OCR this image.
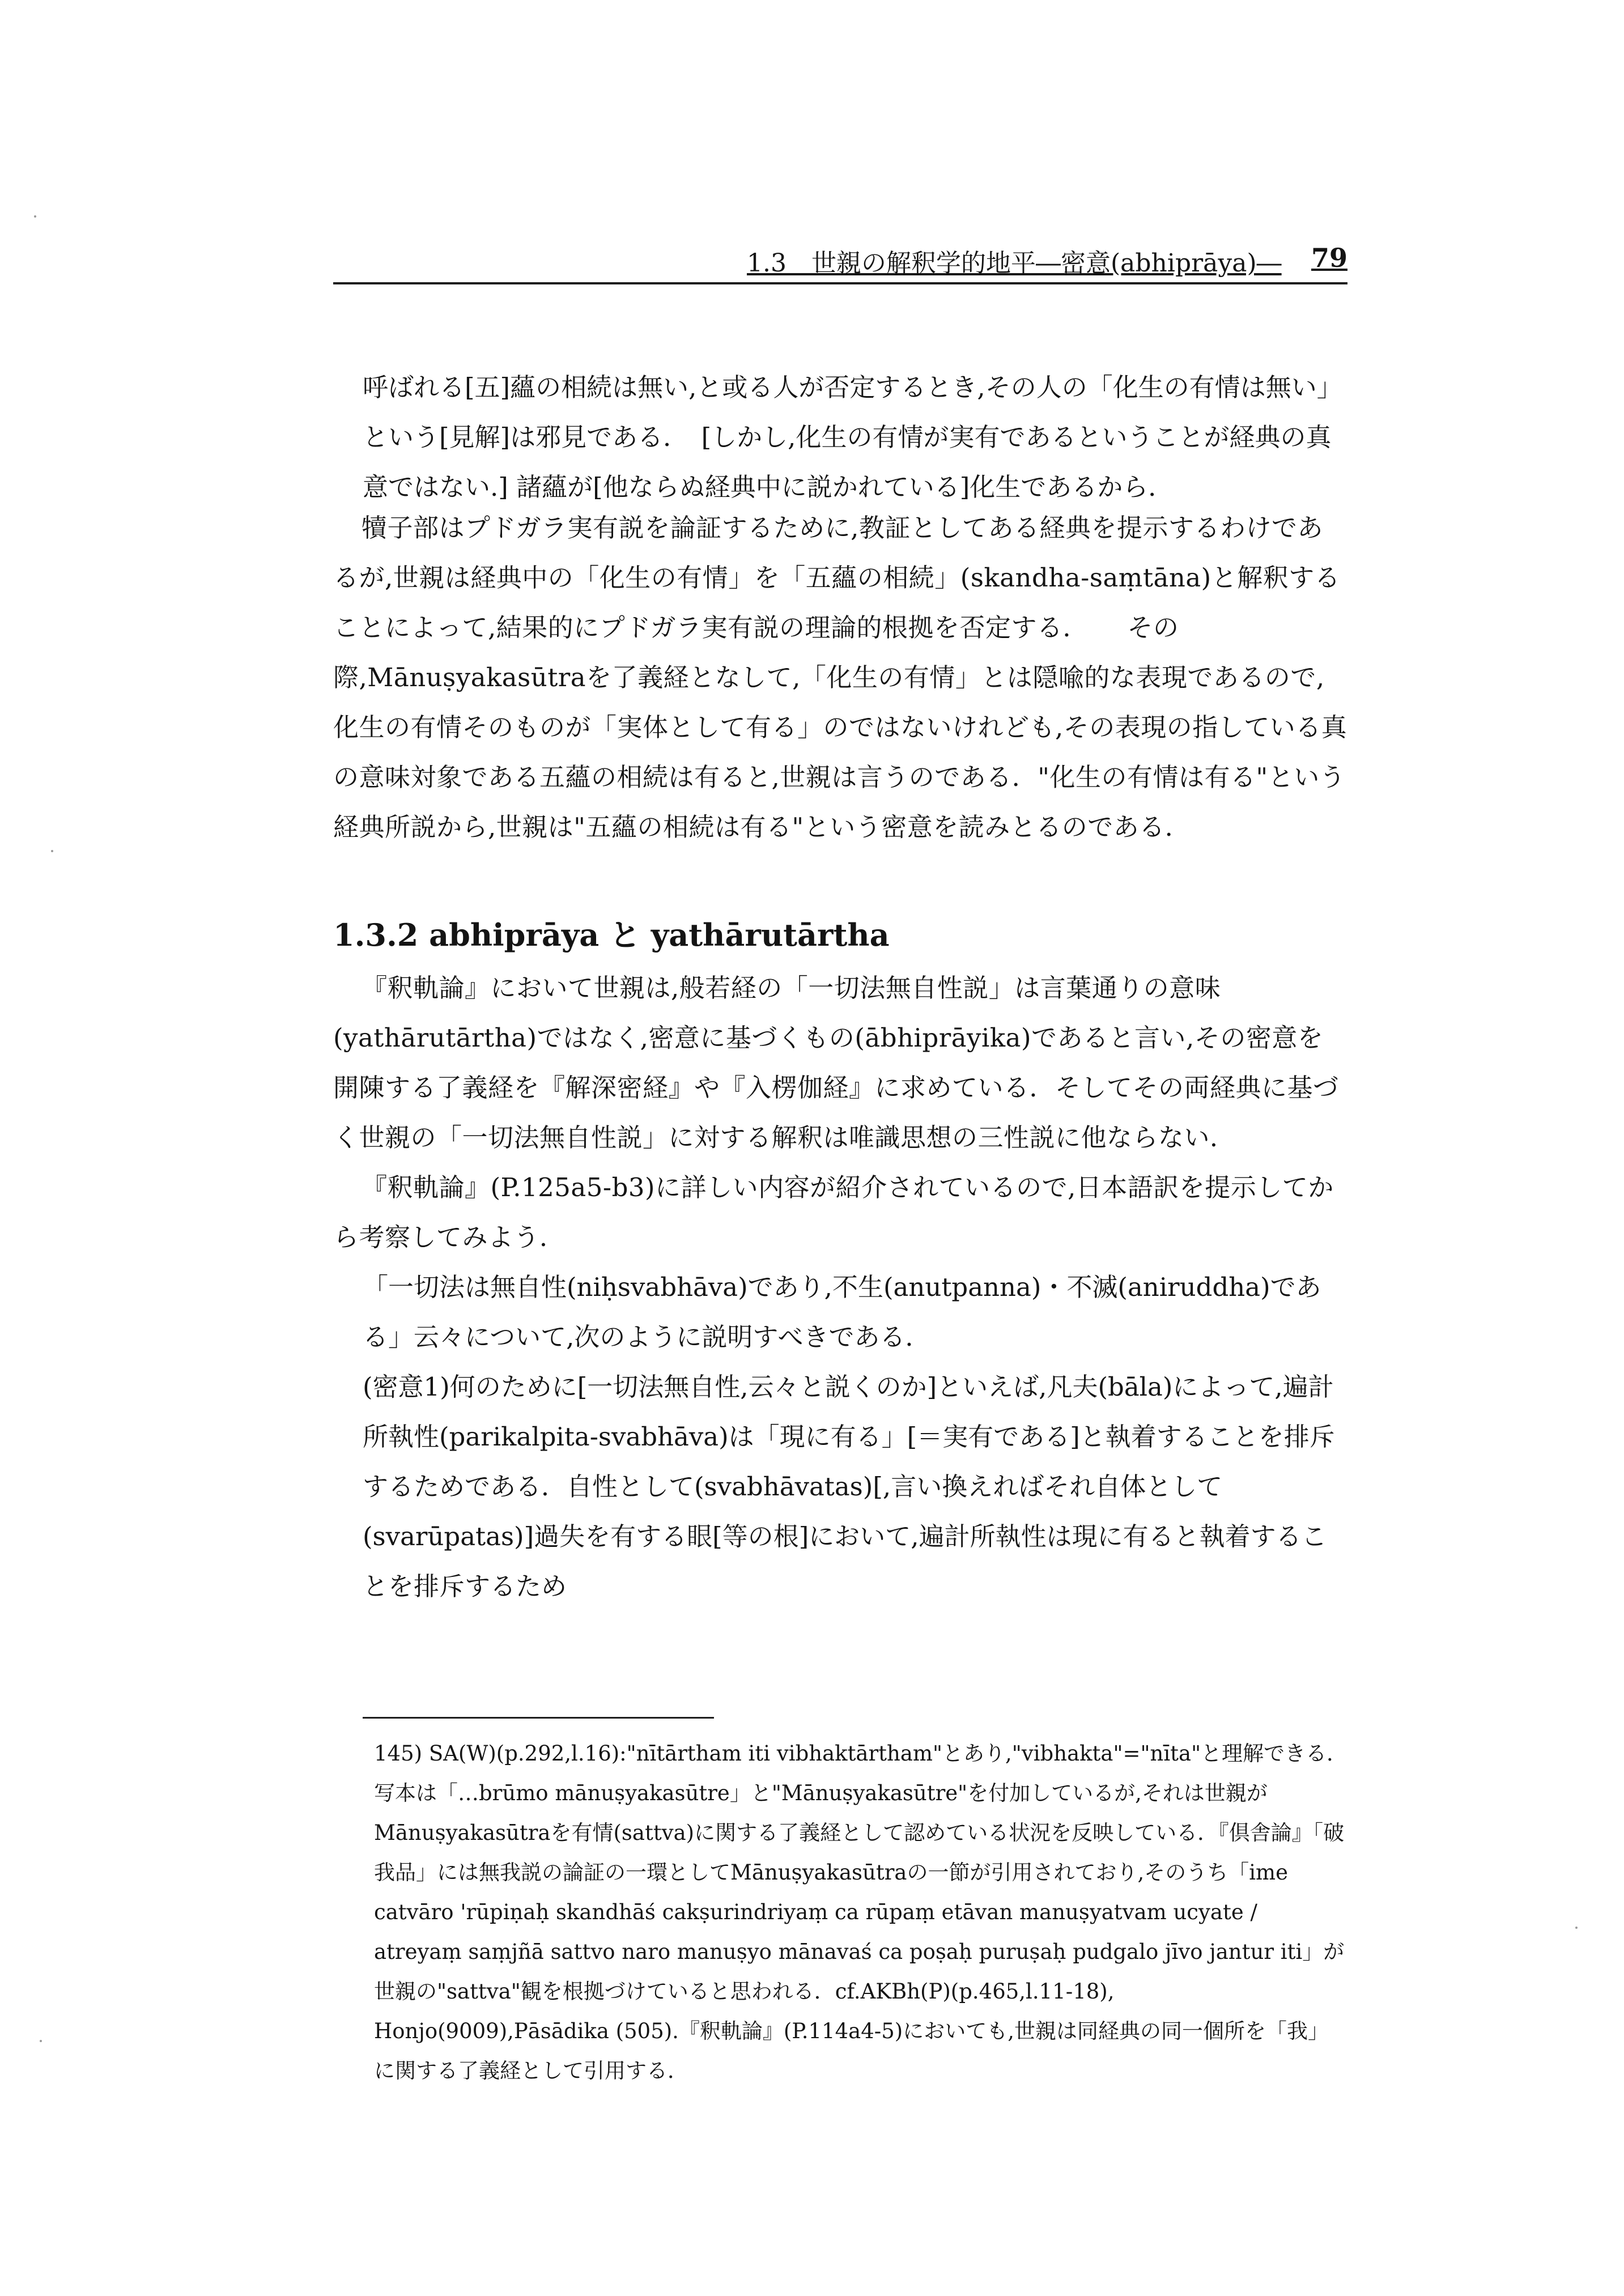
1.3　世親の解釈学的地平―密意(abhiprāya)― 79

呼ばれる[五]蘊の相続は無い,と或る人が否定するとき,その人の「化生の有情は無い」という[見解]は邪見である．　[しかし,化生の有情が実有であるということが経典の真意ではない.] 諸蘊が[他ならぬ経典中に説かれている]化生であるから．

犢子部はプドガラ実有説を論証するために,教証としてある経典を提示するわけであるが,世親は経典中の「化生の有情」を「五蘊の相続」(skandha-saṃtāna)と解釈することによって,結果的にプドガラ実有説の理論的根拠を否定する．　　その際,Mānuṣyakasūtraを了義経となして,「化生の有情」とは隠喩的な表現であるので,化生の有情そのものが「実体として有る」のではないけれども,その表現の指している真の意味対象である五蘊の相続は有ると,世親は言うのである．"化生の有情は有る"という経典所説から,世親は"五蘊の相続は有る"という密意を読みとるのである．

1.3.2 abhiprāya と yathārutārtha

『釈軌論』において世親は,般若経の「一切法無自性説」は言葉通りの意味(yathārutārtha)ではなく,密意に基づくもの(ābhiprāyika)であると言い,その密意を開陳する了義経を『解深密経』や『入楞伽経』に求めている．そしてその両経典に基づく世親の「一切法無自性説」に対する解釈は唯識思想の三性説に他ならない．

『釈軌論』(P.125a5-b3)に詳しい内容が紹介されているので,日本語訳を提示してから考察してみよう．

「一切法は無自性(niḥsvabhāva)であり,不生(anutpanna)・不滅(aniruddha)である」云々について,次のように説明すべきである．

(密意1)何のために[一切法無自性,云々と説くのか]といえば,凡夫(bāla)によって,遍計所執性(parikalpita-svabhāva)は「現に有る」[＝実有である]と執着することを排斥するためである．自性として(svabhāvatas)[,言い換えればそれ自体として(svarūpatas)]過失を有する眼[等の根]において,遍計所執性は現に有ると執着することを排斥するため

145) SA(W)(p.292,l.16):"nītārtham iti vibhaktārtham"とあり,"vibhakta"="nīta"と理解できる．写本は「…brūmo mānuṣyakasūtre」と"Mānuṣyakasūtre"を付加しているが,それは世親がMānuṣyakasūtraを有情(sattva)に関する了義経として認めている状況を反映している．『倶舎論』「破我品」には無我説の論証の一環としてMānuṣyakasūtraの一節が引用されており,そのうち「ime catvāro 'rūpiṇaḥ skandhāś cakṣurindriyaṃ ca rūpaṃ etāvan manuṣyatvam ucyate / atreyaṃ saṃjñā sattvo naro manuṣyo mānavaś ca poṣaḥ puruṣaḥ pudgalo jīvo jantur iti」が世親の"sattva"観を根拠づけていると思われる．cf.AKBh(P)(p.465,l.11-18), Honjo(9009),Pāsādika (505).『釈軌論』(P.114a4-5)においても,世親は同経典の同一個所を「我」に関する了義経として引用する．
